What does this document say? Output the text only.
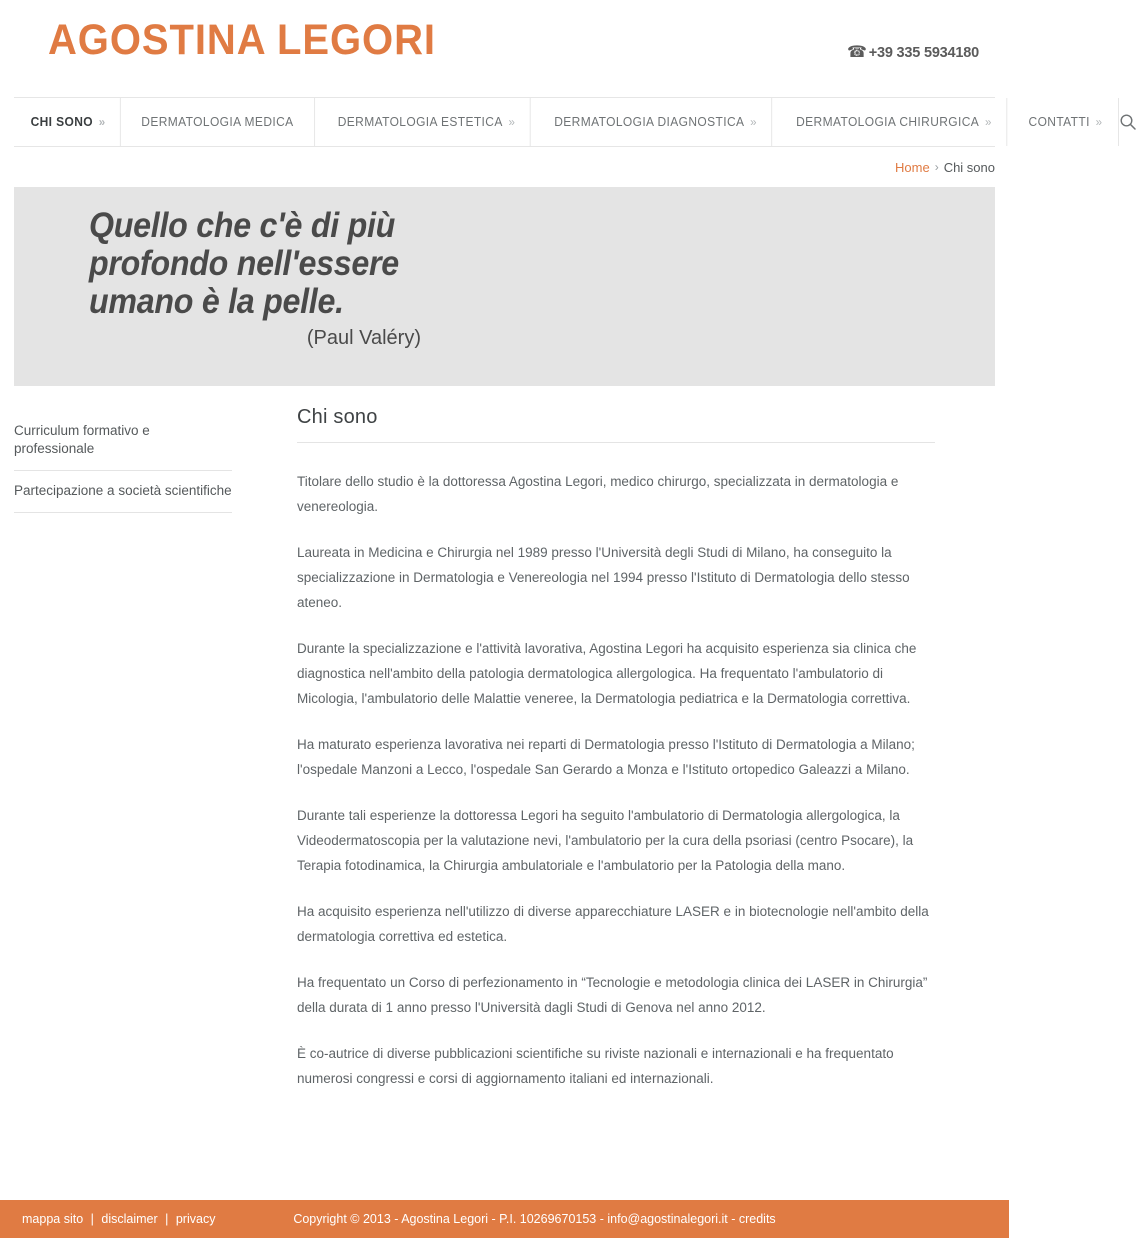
AGOSTINA LEGORI	☎ +39 335 5934180
CHI SONO »	DERMATOLOGIA MEDICA	DERMATOLOGIA ESTETICA »	DERMATOLOGIA DIAGNOSTICA »	DERMATOLOGIA CHIRURGICA »	CONTATTI »
Home › Chi sono
Quello che c'è di più
profondo nell'essere
umano è la pelle.
(Paul Valéry)
Curriculum formativo e professionale
Partecipazione a società scientifiche
Chi sono

Titolare dello studio è la dottoressa Agostina Legori, medico chirurgo, specializzata in dermatologia e venereologia.

Laureata in Medicina e Chirurgia nel 1989 presso l'Università degli Studi di Milano, ha conseguito la specializzazione in Dermatologia e Venereologia nel 1994 presso l'Istituto di Dermatologia dello stesso ateneo.

Durante la specializzazione e l'attività lavorativa, Agostina Legori ha acquisito esperienza sia clinica che diagnostica nell'ambito della patologia dermatologica allergologica. Ha frequentato l'ambulatorio di Micologia, l'ambulatorio delle Malattie veneree, la Dermatologia pediatrica e la Dermatologia correttiva.

Ha maturato esperienza lavorativa nei reparti di Dermatologia presso l'Istituto di Dermatologia a Milano; l'ospedale Manzoni a Lecco, l'ospedale San Gerardo a Monza e l'Istituto ortopedico Galeazzi a Milano.

Durante tali esperienze la dottoressa Legori ha seguito l'ambulatorio di Dermatologia allergologica, la Videodermatoscopia per la valutazione nevi, l'ambulatorio per la cura della psoriasi (centro Psocare), la Terapia fotodinamica, la Chirurgia ambulatoriale e l'ambulatorio per la Patologia della mano.

Ha acquisito esperienza nell'utilizzo di diverse apparecchiature LASER e in biotecnologie nell'ambito della dermatologia correttiva ed estetica.

Ha frequentato un Corso di perfezionamento in “Tecnologie e metodologia clinica dei LASER in Chirurgia” della durata di 1 anno presso l'Università dagli Studi di Genova nel anno 2012.

È co-autrice di diverse pubblicazioni scientifiche su riviste nazionali e internazionali e ha frequentato numerosi congressi e corsi di aggiornamento italiani ed internazionali.

mappa sito | disclaimer | privacy	Copyright © 2013 - Agostina Legori - P.I. 10269670153 - info@agostinalegori.it - credits
